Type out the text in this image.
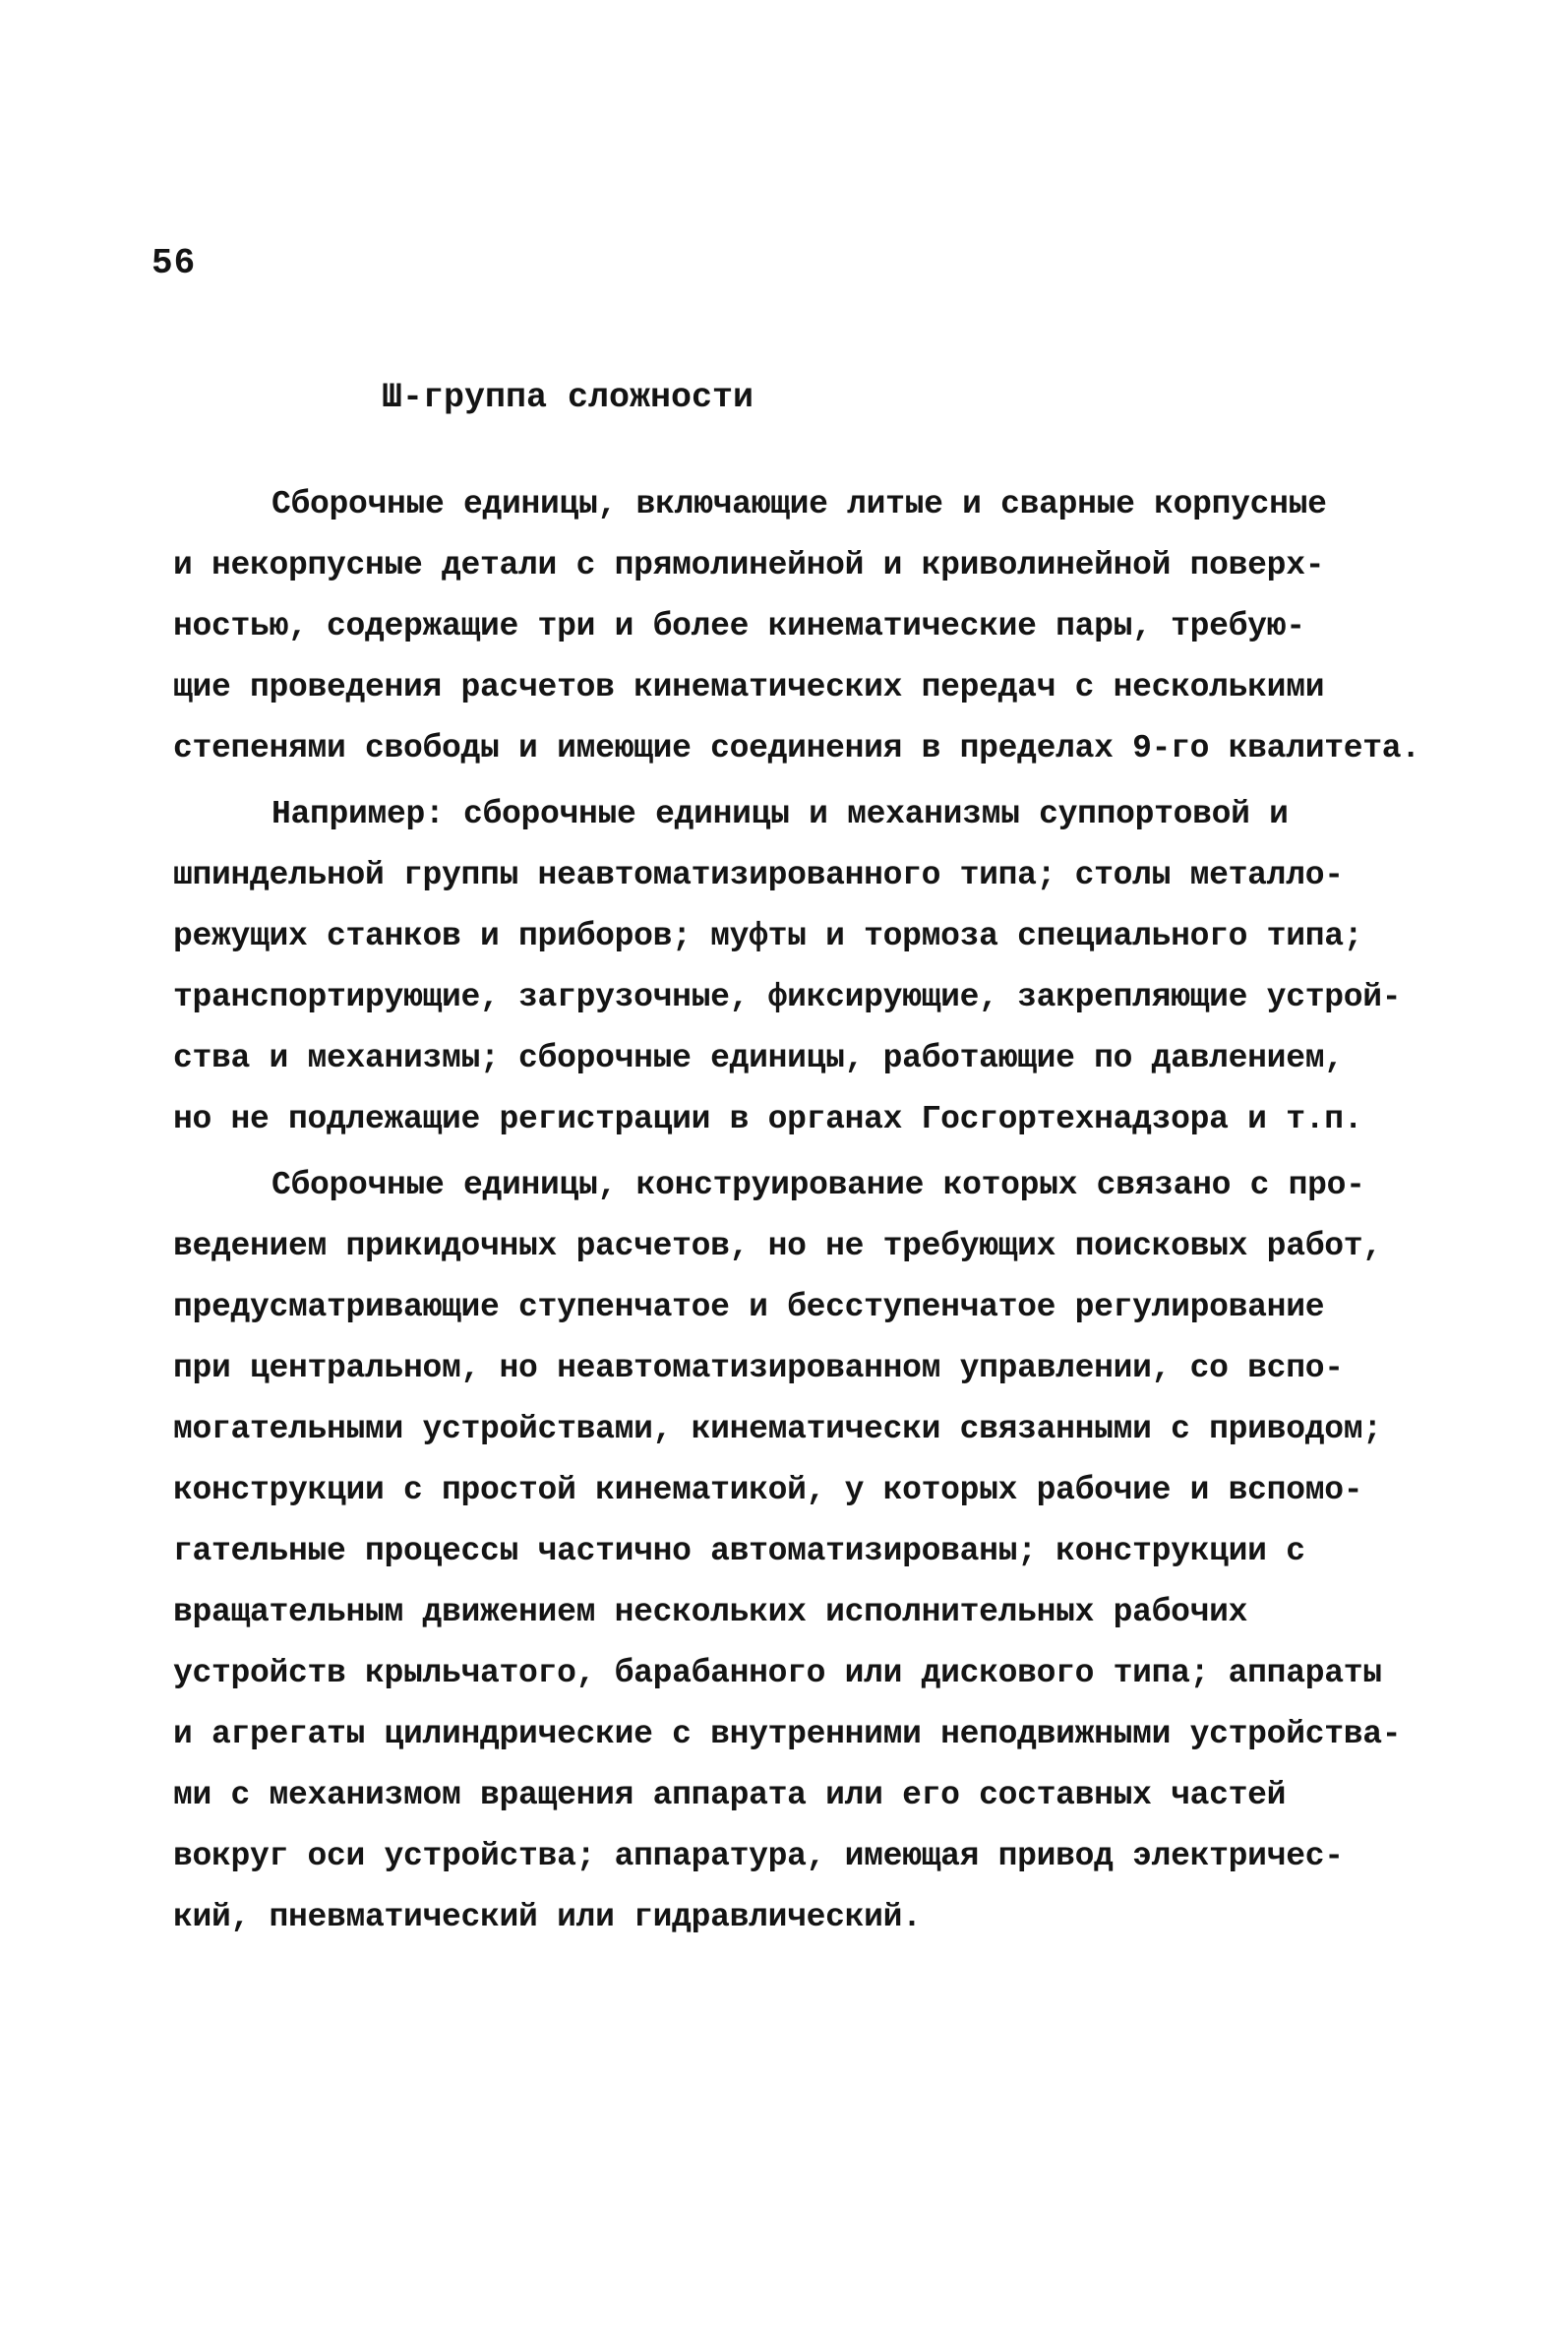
56
Ш-группа сложности
Сборочные единицы, включающие литые и сварные корпусные
и некорпусные детали с прямолинейной и криволинейной поверх-
ностью, содержащие три и более кинематические пары, требую-
щие проведения расчетов кинематических передач с несколькими
степенями свободы и имеющие соединения в пределах 9-го квалитета.
Например: сборочные единицы и механизмы суппортовой и
шпиндельной группы неавтоматизированного типа; столы металло-
режущих станков и приборов; муфты и тормоза специального типа;
транспортирующие, загрузочные, фиксирующие, закрепляющие устрой-
ства и механизмы; сборочные единицы, работающие по давлением,
но не подлежащие регистрации в органах Госгортехнадзора и т.п.
Сборочные единицы, конструирование которых связано с про-
ведением прикидочных расчетов, но не требующих поисковых работ,
предусматривающие ступенчатое и бесступенчатое регулирование
при центральном, но неавтоматизированном управлении, со вспо-
могательными устройствами, кинематически связанными с приводом;
конструкции с простой кинематикой, у которых рабочие и вспомо-
гательные процессы частично автоматизированы; конструкции с
вращательным движением нескольких исполнительных рабочих
устройств крыльчатого, барабанного или дискового типа; аппараты
и агрегаты цилиндрические с внутренними неподвижными устройства-
ми с механизмом вращения аппарата или его составных частей
вокруг оси устройства; аппаратура, имеющая привод электричес-
кий, пневматический или гидравлический.
